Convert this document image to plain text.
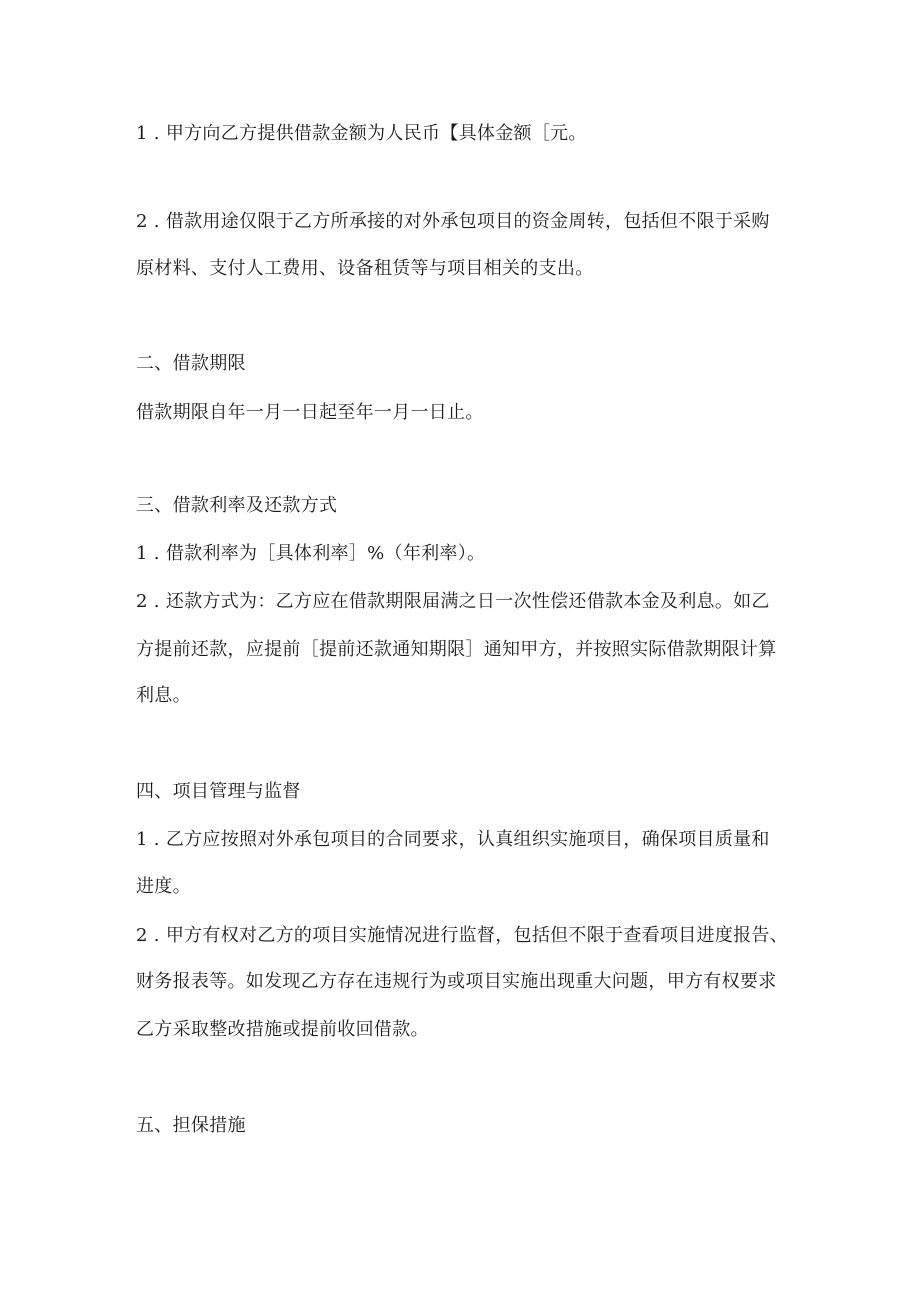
1 . 甲方向乙方提供借款金额为人民币【具体金额［元。
2 . 借款用途仅限于乙方所承接的对外承包项目的资金周转，包括但不限于采购
原材料、支付人工费用、设备租赁等与项目相关的支出。
二、借款期限
借款期限自年一月一日起至年一月一日止。
三、借款利率及还款方式
1 . 借款利率为［具体利率］%（年利率）。
2 . 还款方式为：乙方应在借款期限届满之日一次性偿还借款本金及利息。如乙
方提前还款，应提前［提前还款通知期限］通知甲方，并按照实际借款期限计算
利息。
四、项目管理与监督
1 . 乙方应按照对外承包项目的合同要求，认真组织实施项目，确保项目质量和
进度。
2 . 甲方有权对乙方的项目实施情况进行监督，包括但不限于查看项目进度报告、
财务报表等。如发现乙方存在违规行为或项目实施出现重大问题，甲方有权要求
乙方采取整改措施或提前收回借款。
五、担保措施
